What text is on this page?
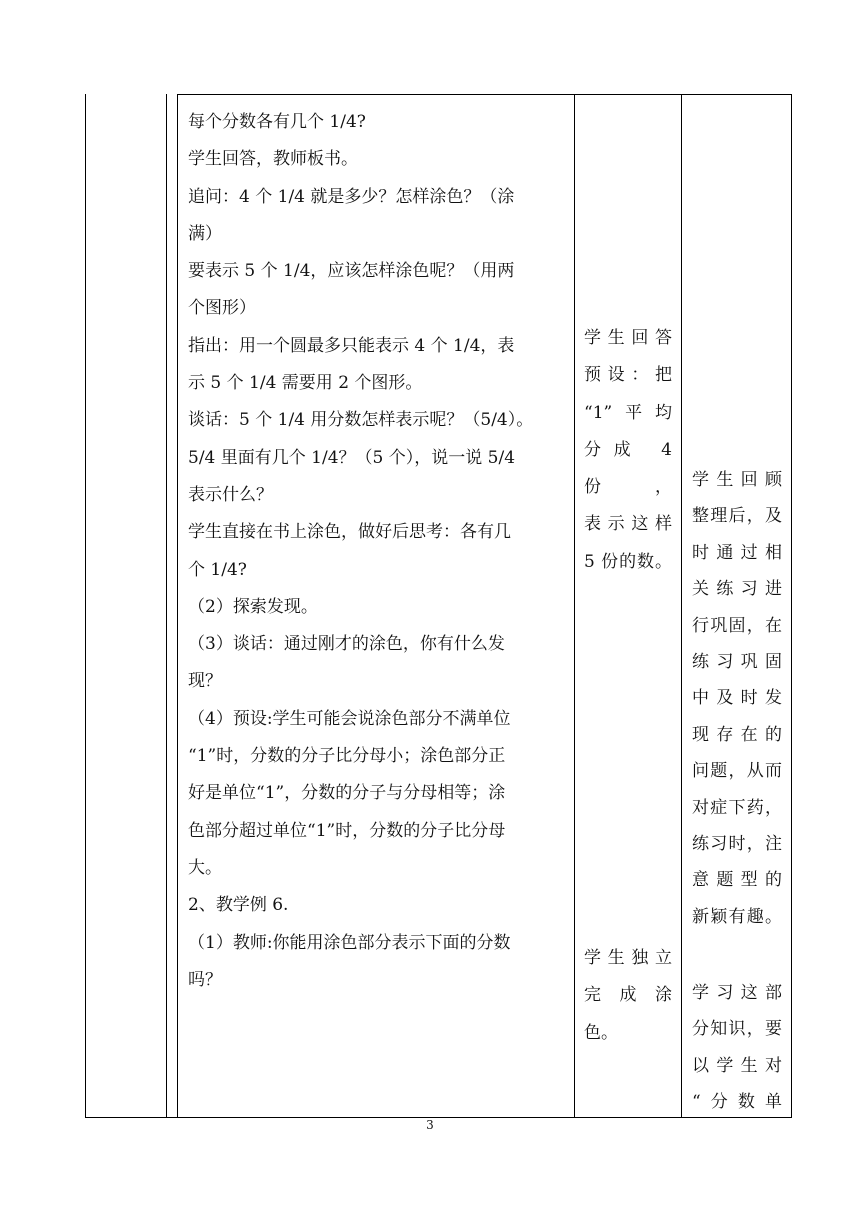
每个分数各有几个 1/4?
学生回答，教师板书。
追问：4 个 1/4 就是多少？怎样涂色？（涂
满）
要表示 5 个 1/4，应该怎样涂色呢？（用两
个图形）
指出：用一个圆最多只能表示 4 个 1/4，表
示 5 个 1/4 需要用 2 个图形。
谈话：5 个 1/4 用分数怎样表示呢？（5/4）。
5/4 里面有几个 1/4？（5 个），说一说 5/4
表示什么？
学生直接在书上涂色，做好后思考：各有几
个 1/4?
（2）探索发现。
（3）谈话：通过刚才的涂色，你有什么发
现？
（4）预设:学生可能会说涂色部分不满单位
“1”时，分数的分子比分母小；涂色部分正
好是单位“1”，分数的分子与分母相等；涂
色部分超过单位“1”时，分数的分子比分母
大。
2、教学例 6.
（1）教师:你能用涂色部分表示下面的分数
吗？
学生回答
预设：把
“1”平均
分成 4 份，
表示这样
5 份的数。
学生独立
完 成 涂
色。
学生回顾
整理后，及
时通过相
关练习进
行巩固，在
练习巩固
中及时发
现存在的
问题，从而
对症下药，
练习时，注
意题型的
新颖有趣。
学习这部
分知识，要
以学生对
“分数单
3
